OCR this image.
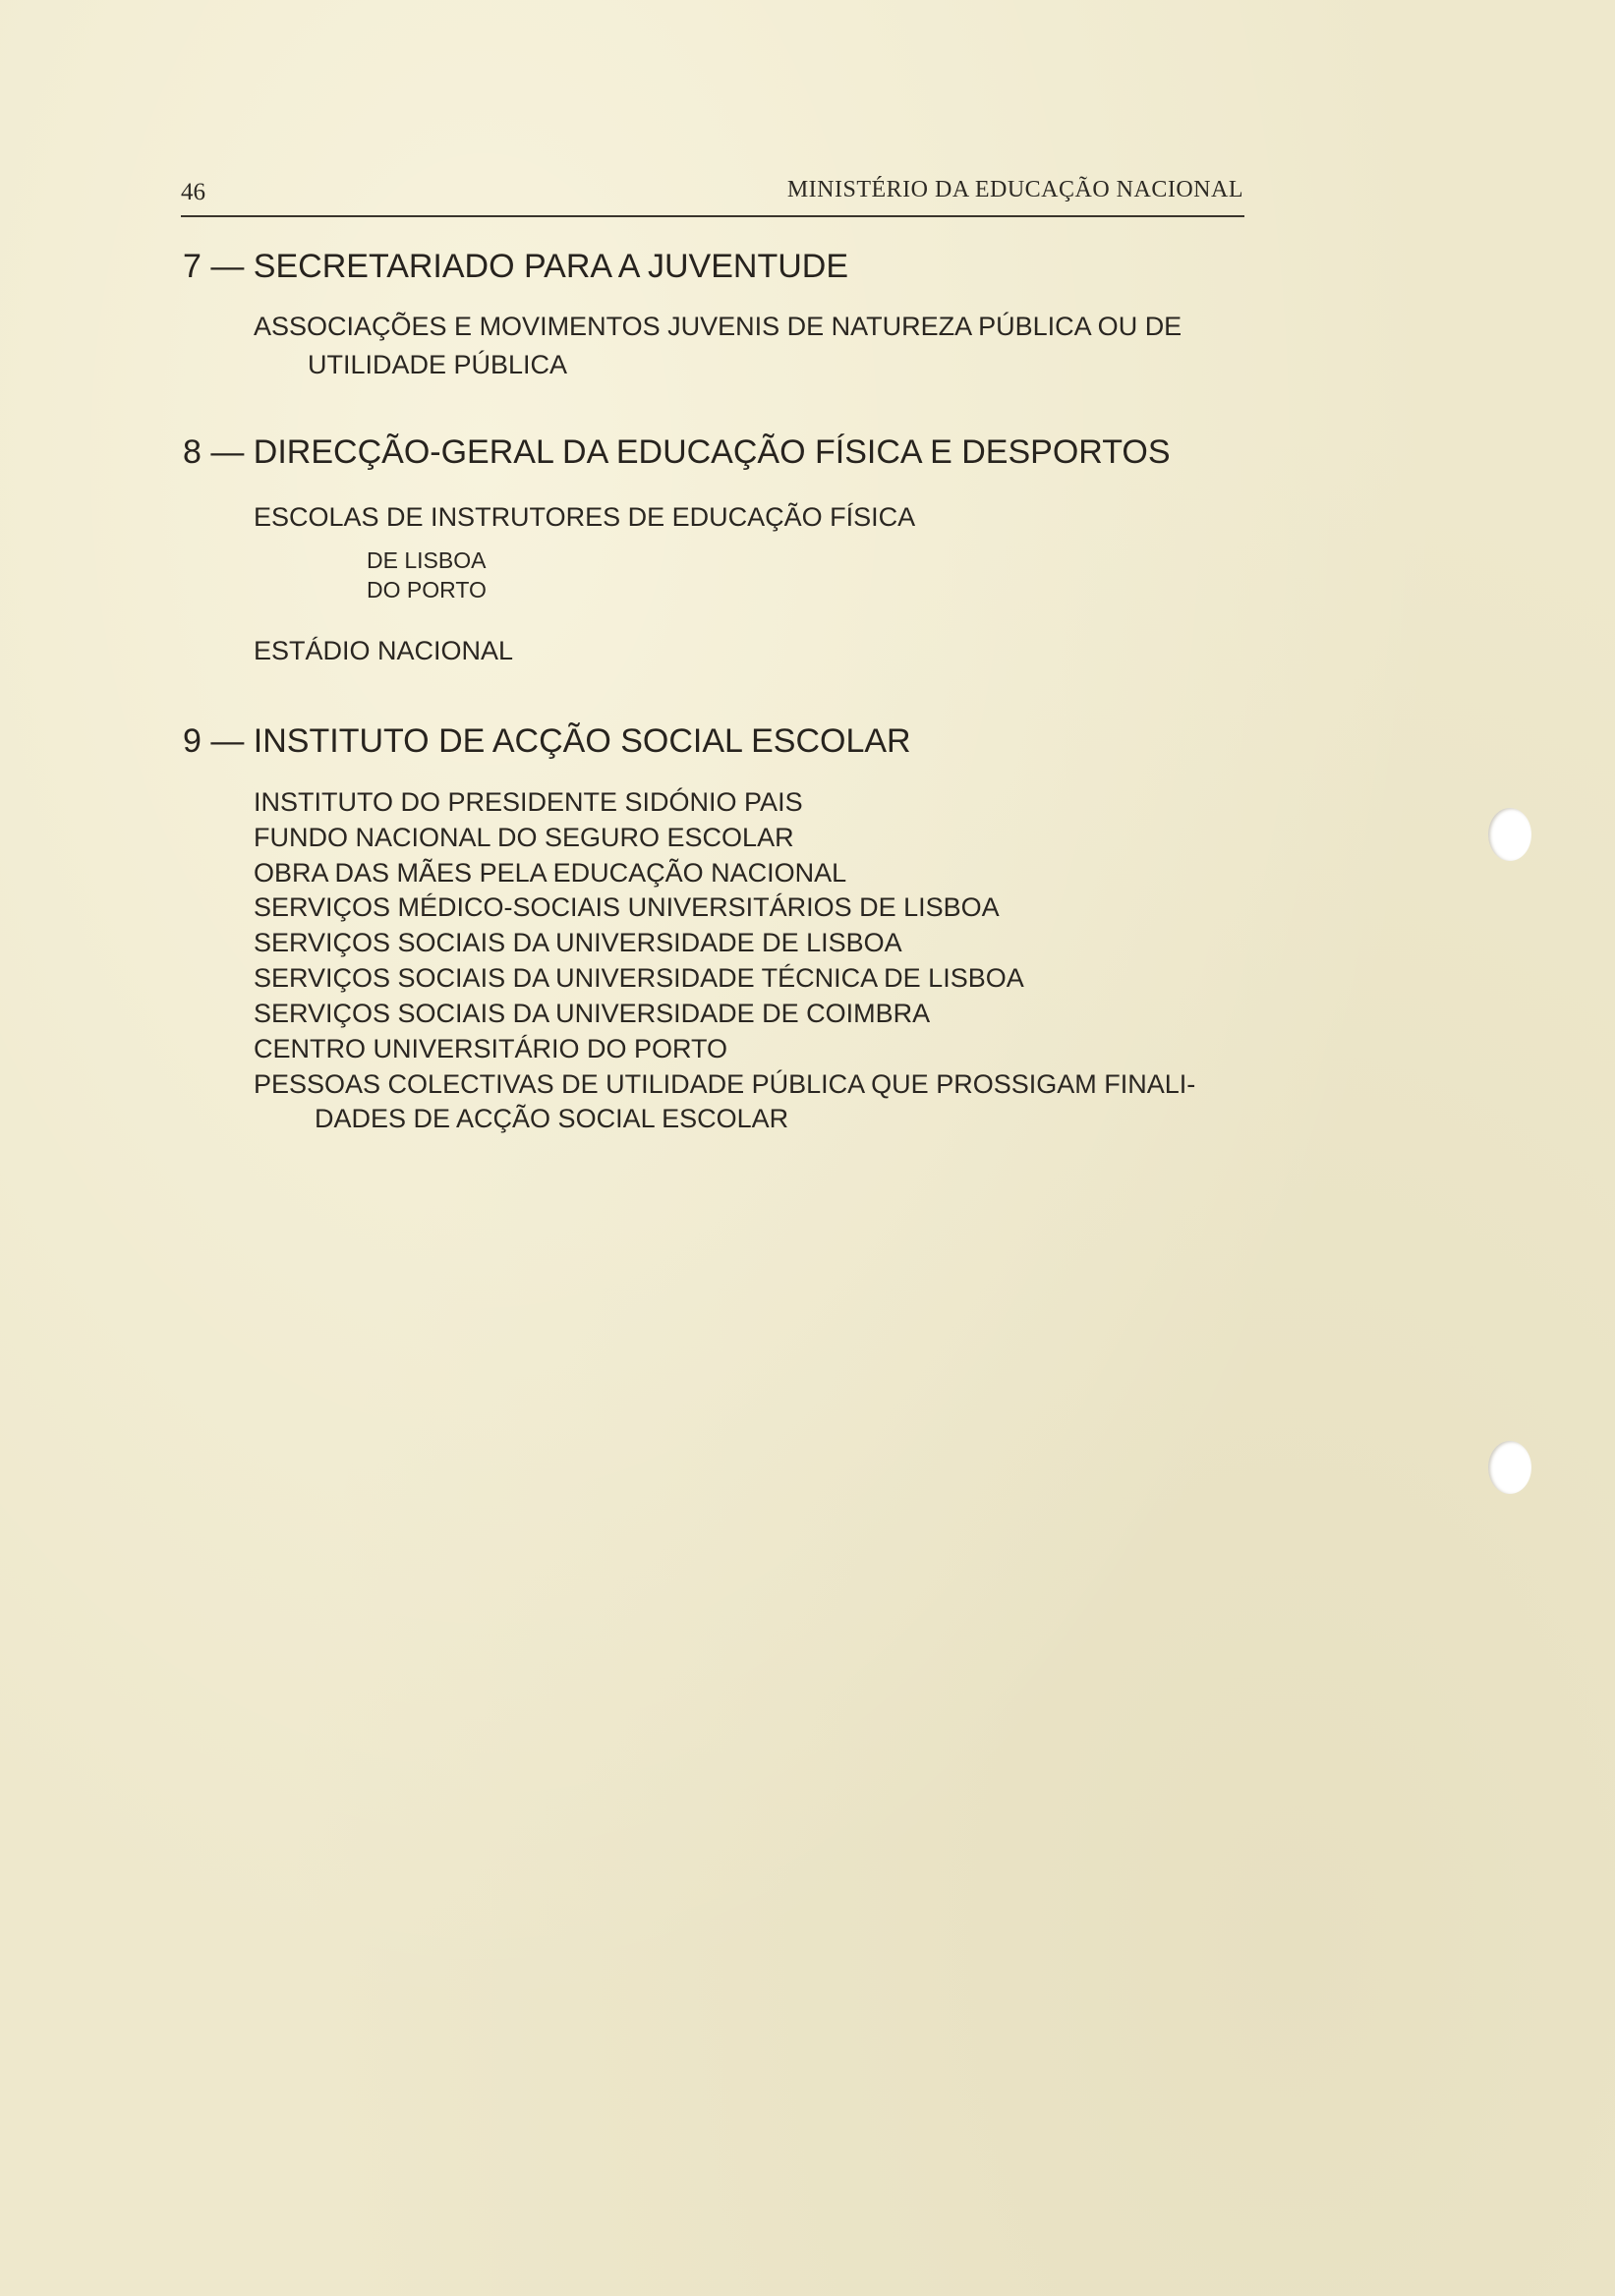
46	MINISTÉRIO DA EDUCAÇÃO NACIONAL
7 — SECRETARIADO PARA A JUVENTUDE
ASSOCIAÇÕES E MOVIMENTOS JUVENIS DE NATUREZA PÚBLICA OU DE
UTILIDADE PÚBLICA
8 — DIRECÇÃO-GERAL DA EDUCAÇÃO FÍSICA E DESPORTOS
ESCOLAS DE INSTRUTORES DE EDUCAÇÃO FÍSICA
DE LISBOA
DO PORTO
ESTÁDIO NACIONAL
9 — INSTITUTO DE ACÇÃO SOCIAL ESCOLAR
INSTITUTO DO PRESIDENTE SIDÓNIO PAIS
FUNDO NACIONAL DO SEGURO ESCOLAR
OBRA DAS MÃES PELA EDUCAÇÃO NACIONAL
SERVIÇOS MÉDICO-SOCIAIS UNIVERSITÁRIOS DE LISBOA
SERVIÇOS SOCIAIS DA UNIVERSIDADE DE LISBOA
SERVIÇOS SOCIAIS DA UNIVERSIDADE TÉCNICA DE LISBOA
SERVIÇOS SOCIAIS DA UNIVERSIDADE DE COIMBRA
CENTRO UNIVERSITÁRIO DO PORTO
PESSOAS COLECTIVAS DE UTILIDADE PÚBLICA QUE PROSSIGAM FINALI-
DADES DE ACÇÃO SOCIAL ESCOLAR
